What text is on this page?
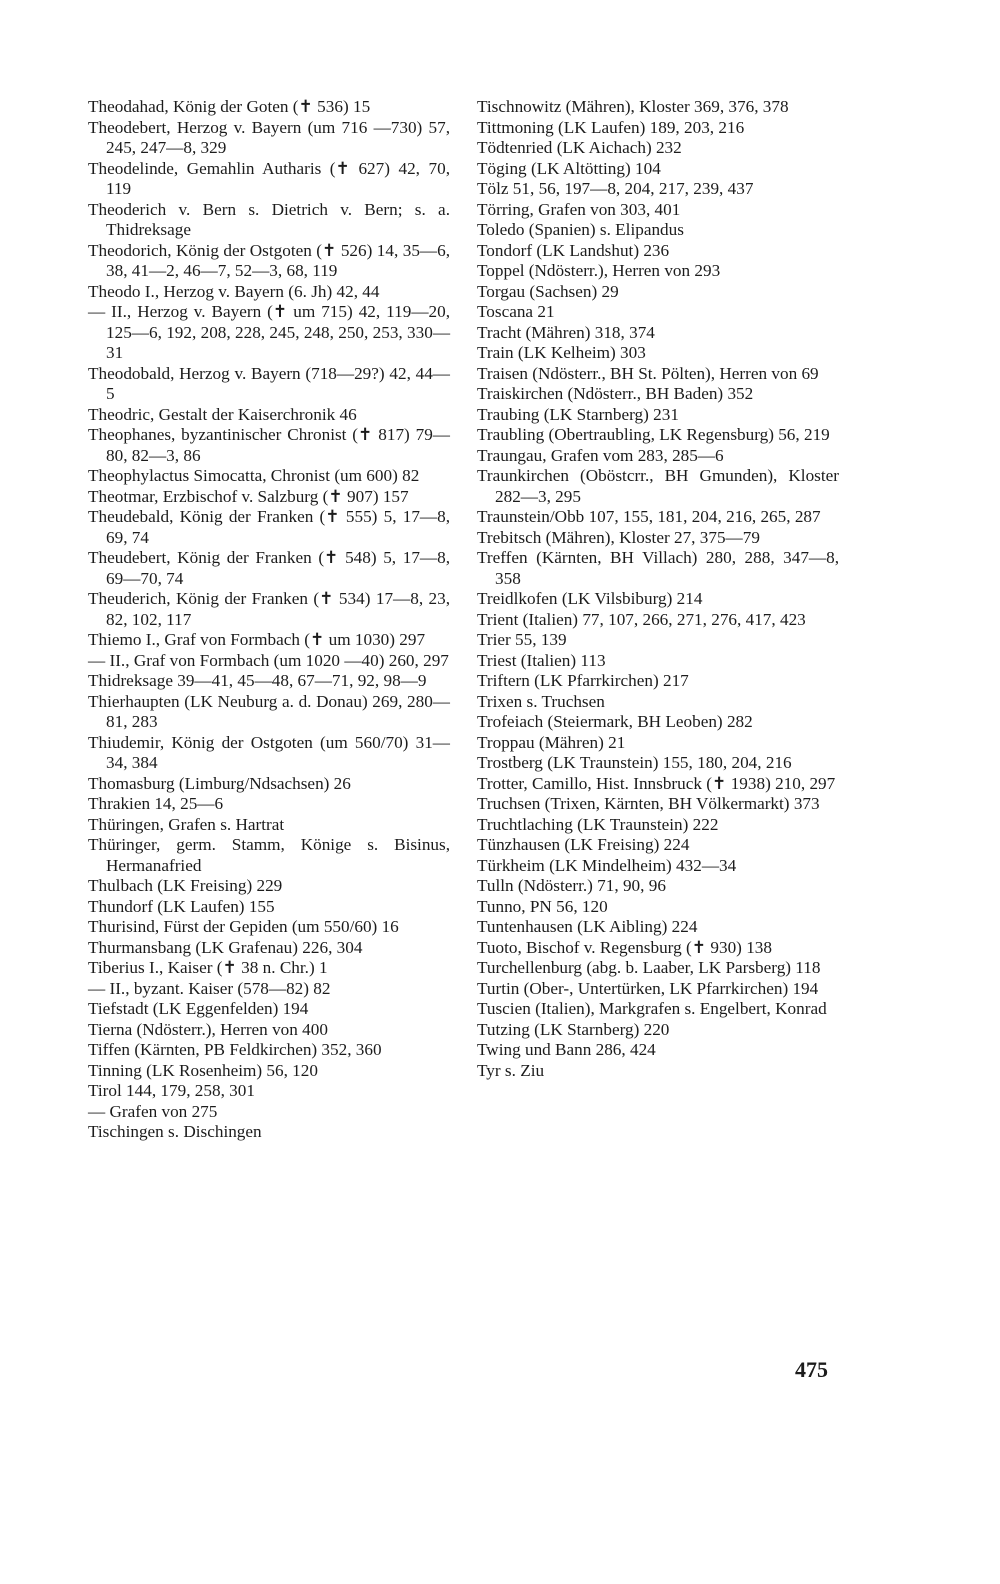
Theodahad, König der Goten (✝ 536) 15
Theodebert, Herzog v. Bayern (um 716 —730) 57, 245, 247—8, 329
Theodelinde, Gemahlin Autharis (✝ 627) 42, 70, 119
Theoderich v. Bern s. Dietrich v. Bern; s. a. Thidreksage
Theodorich, König der Ostgoten (✝ 526) 14, 35—6, 38, 41—2, 46—7, 52—3, 68, 119
Theodo I., Herzog v. Bayern (6. Jh) 42, 44
— II., Herzog v. Bayern (✝ um 715) 42, 119—20, 125—6, 192, 208, 228, 245, 248, 250, 253, 330—31
Theodobald, Herzog v. Bayern (718—29?) 42, 44—5
Theodric, Gestalt der Kaiserchronik 46
Theophanes, byzantinischer Chronist (✝ 817) 79—80, 82—3, 86
Theophylactus Simocatta, Chronist (um 600) 82
Theotmar, Erzbischof v. Salzburg (✝ 907) 157
Theudebald, König der Franken (✝ 555) 5, 17—8, 69, 74
Theudebert, König der Franken (✝ 548) 5, 17—8, 69—70, 74
Theuderich, König der Franken (✝ 534) 17—8, 23, 82, 102, 117
Thiemo I., Graf von Formbach (✝ um 1030) 297
— II., Graf von Formbach (um 1020 —40) 260, 297
Thidreksage 39—41, 45—48, 67—71, 92, 98—9
Thierhaupten (LK Neuburg a. d. Donau) 269, 280—81, 283
Thiudemir, König der Ostgoten (um 560/70) 31—34, 384
Thomasburg (Limburg/Ndsachsen) 26
Thrakien 14, 25—6
Thüringen, Grafen s. Hartrat
Thüringer, germ. Stamm, Könige s. Bisinus, Hermanafried
Thulbach (LK Freising) 229
Thundorf (LK Laufen) 155
Thurisind, Fürst der Gepiden (um 550/60) 16
Thurmansbang (LK Grafenau) 226, 304
Tiberius I., Kaiser (✝ 38 n. Chr.) 1
— II., byzant. Kaiser (578—82) 82
Tiefstadt (LK Eggenfelden) 194
Tierna (Ndösterr.), Herren von 400
Tiffen (Kärnten, PB Feldkirchen) 352, 360
Tinning (LK Rosenheim) 56, 120
Tirol 144, 179, 258, 301
— Grafen von 275
Tischingen s. Dischingen
Tischnowitz (Mähren), Kloster 369, 376, 378
Tittmoning (LK Laufen) 189, 203, 216
Tödtenried (LK Aichach) 232
Töging (LK Altötting) 104
Tölz 51, 56, 197—8, 204, 217, 239, 437
Törring, Grafen von 303, 401
Toledo (Spanien) s. Elipandus
Tondorf (LK Landshut) 236
Toppel (Ndösterr.), Herren von 293
Torgau (Sachsen) 29
Toscana 21
Tracht (Mähren) 318, 374
Train (LK Kelheim) 303
Traisen (Ndösterr., BH St. Pölten), Herren von 69
Traiskirchen (Ndösterr., BH Baden) 352
Traubing (LK Starnberg) 231
Traubling (Obertraubling, LK Regensburg) 56, 219
Traungau, Grafen vom 283, 285—6
Traunkirchen (Oböstcrr., BH Gmunden), Kloster 282—3, 295
Traunstein/Obb 107, 155, 181, 204, 216, 265, 287
Trebitsch (Mähren), Kloster 27, 375—79
Treffen (Kärnten, BH Villach) 280, 288, 347—8, 358
Treidlkofen (LK Vilsbiburg) 214
Trient (Italien) 77, 107, 266, 271, 276, 417, 423
Trier 55, 139
Triest (Italien) 113
Triftern (LK Pfarrkirchen) 217
Trixen s. Truchsen
Trofeiach (Steiermark, BH Leoben) 282
Troppau (Mähren) 21
Trostberg (LK Traunstein) 155, 180, 204, 216
Trotter, Camillo, Hist. Innsbruck (✝ 1938) 210, 297
Truchsen (Trixen, Kärnten, BH Völkermarkt) 373
Truchtlaching (LK Traunstein) 222
Tünzhausen (LK Freising) 224
Türkheim (LK Mindelheim) 432—34
Tulln (Ndösterr.) 71, 90, 96
Tunno, PN 56, 120
Tuntenhausen (LK Aibling) 224
Tuoto, Bischof v. Regensburg (✝ 930) 138
Turchellenburg (abg. b. Laaber, LK Parsberg) 118
Turtin (Ober-, Untertürken, LK Pfarrkirchen) 194
Tuscien (Italien), Markgrafen s. Engelbert, Konrad
Tutzing (LK Starnberg) 220
Twing und Bann 286, 424
Tyr s. Ziu
475
